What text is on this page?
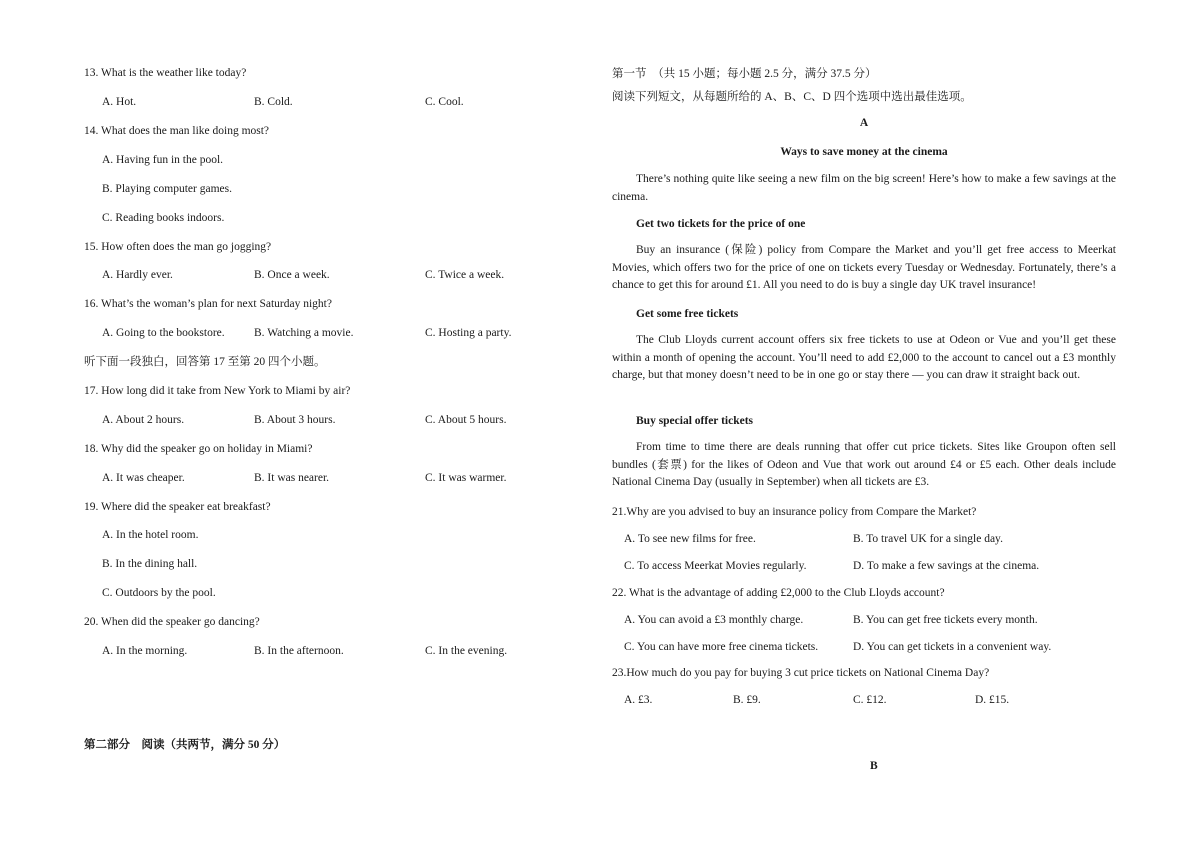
13. What is the weather like today?
A. Hot.	B. Cold.	C. Cool.
14. What does the man like doing most?
A. Having fun in the pool.
B. Playing computer games.
C. Reading books indoors.
15. How often does the man go jogging?
A. Hardly ever.	B. Once a week.	C. Twice a week.
16. What’s the woman’s plan for next Saturday night?
A. Going to the bookstore.	B. Watching a movie.	C. Hosting a party.
听下面一段独白，回答第 17 至第 20 四个小题。
17. How long did it take from New York to Miami by air?
A. About 2 hours.	B. About 3 hours.	C. About 5 hours.
18. Why did the speaker go on holiday in Miami?
A. It was cheaper.	B. It was nearer.	C. It was warmer.
19. Where did the speaker eat breakfast?
A. In the hotel room.
B. In the dining hall.
C. Outdoors by the pool.
20. When did the speaker go dancing?
A. In the morning.	B. In the afternoon.	C. In the evening.
第二部分　阅读（共两节，满分 50 分）
第一节　（共 15 小题；每小题 2.5 分，满分 37.5 分）
阅读下列短文，从每题所给的 A、B、C、D 四个选项中选出最佳选项。
A
Ways to save money at the cinema
There’s nothing quite like seeing a new film on the big screen! Here’s how to make a few savings at the cinema.
Get two tickets for the price of one
Buy an insurance (保险) policy from Compare the Market and you’ll get free access to Meerkat Movies, which offers two for the price of one on tickets every Tuesday or Wednesday. Fortunately, there’s a chance to get this for around £1. All you need to do is buy a single day UK travel insurance!
Get some free tickets
The Club Lloyds current account offers six free tickets to use at Odeon or Vue and you’ll get these within a month of opening the account. You’ll need to add £2,000 to the account to cancel out a £3 monthly charge, but that money doesn’t need to be in one go or stay there — you can draw it straight back out.
Buy special offer tickets
From time to time there are deals running that offer cut price tickets. Sites like Groupon often sell bundles (套票) for the likes of Odeon and Vue that work out around £4 or £5 each. Other deals include National Cinema Day (usually in September) when all tickets are £3.
21.Why are you advised to buy an insurance policy from Compare the Market?
A. To see new films for free.	B. To travel UK for a single day.
C. To access Meerkat Movies regularly.	D. To make a few savings at the cinema.
22. What is the advantage of adding £2,000 to the Club Lloyds account?
A. You can avoid a £3 monthly charge.	B. You can get free tickets every month.
C. You can have more free cinema tickets.	D. You can get tickets in a convenient way.
23.How much do you pay for buying 3 cut price tickets on National Cinema Day?
A. £3.	B. £9.	C. £12.	D. £15.
B
